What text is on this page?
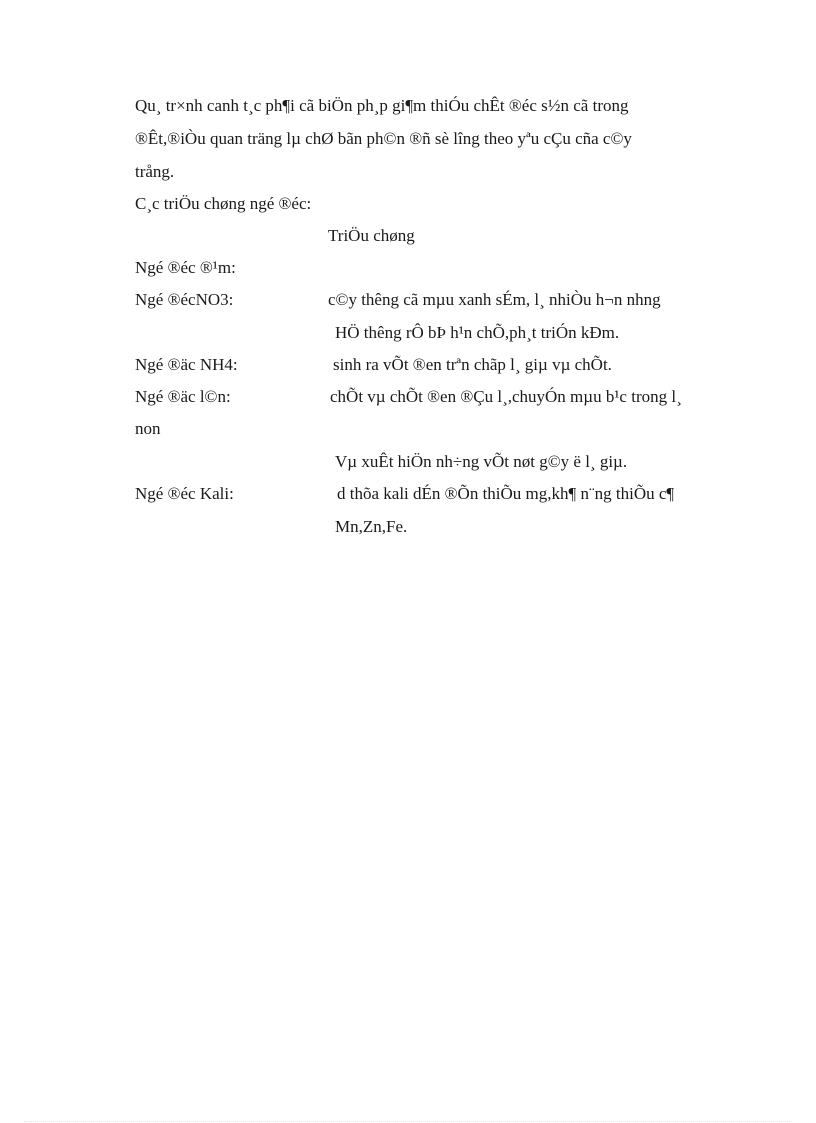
Qu¸ tr×nh canh t¸c ph¶i cã biÖn ph¸p gi¶m thiÓu chÊt ®éc s½n cã trong
®Êt,®iÒu quan träng lµ chØ bãn ph©n ®ñ sè lîng theo yªu cÇu cña c©y
trång.
C¸c triÖu chøng ngé ®éc:
TriÖu chøng
Ngé ®éc ®¹m:
Ngé ®écNO3:	c©y thêng cã mµu xanh sÉm, l¸ nhiÒu h¬n nhng
HÖ thêng rÔ bÞ h¹n chÕ,ph¸t triÓn kÐm.
Ngé ®äc NH4:	sinh ra vÕt ®en trªn chãp l¸ giµ vµ chÕt.
Ngé ®äc l©n:	chÕt vµ chÕt ®en ®Çu l¸,chuyÓn mµu b¹c trong l¸
non
Vµ xuÊt hiÖn nh÷ng vÕt nøt g©y ë l¸ giµ.
Ngé ®éc Kali:	d thõa kali dÉn ®Õn thiÕu mg,kh¶ n¨ng thiÕu c¶
Mn,Zn,Fe.
